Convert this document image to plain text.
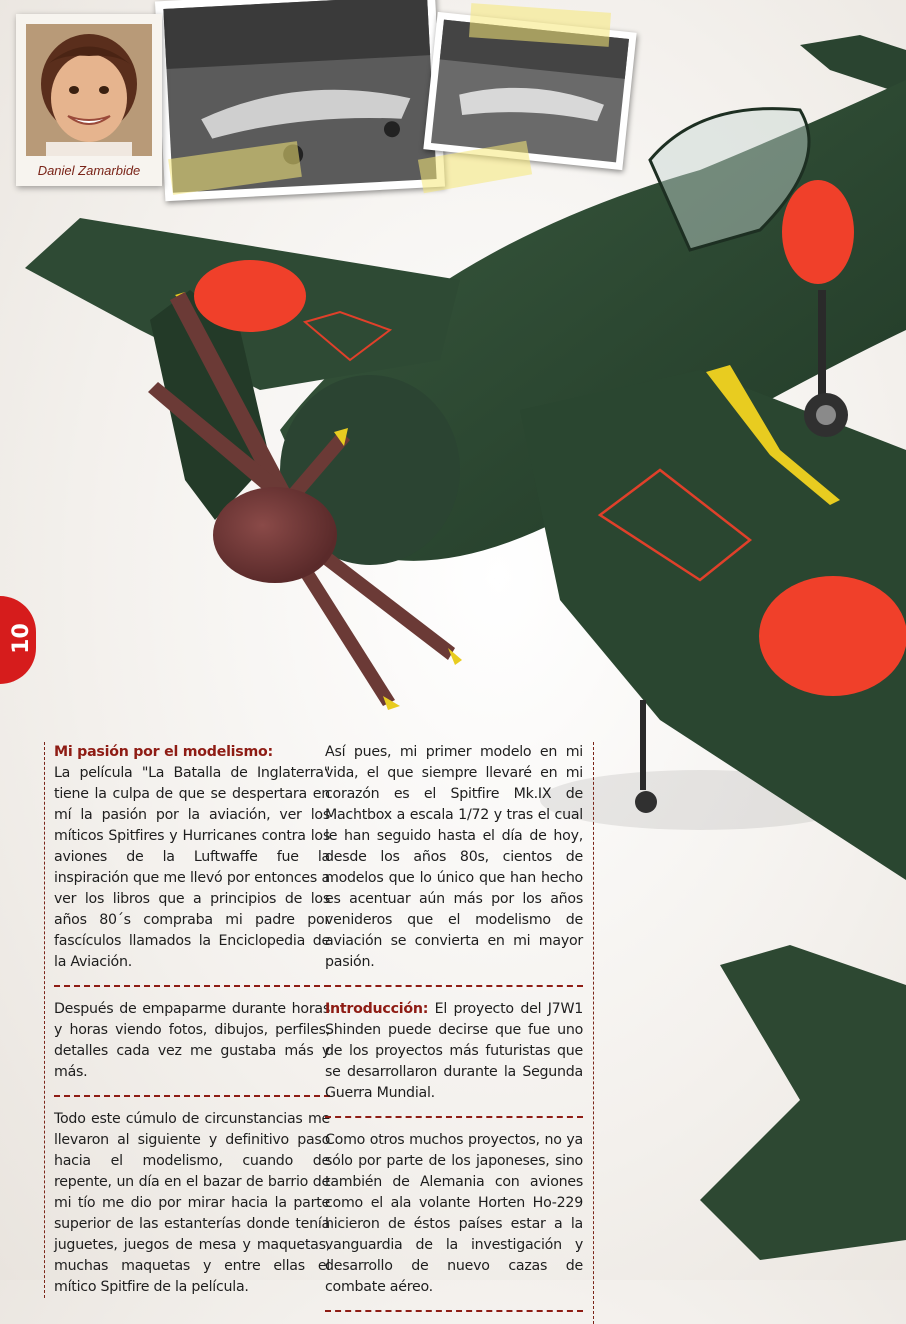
Daniel Zamarbide
10

Mi pasión por el modelismo:
La película "La Batalla de Inglaterra" tiene la culpa de que se despertara en mí la pasión por la aviación, ver los míticos Spitfires y Hurricanes contra los aviones de la Luftwaffe fue la inspiración que me llevó por entonces a ver los libros que a principios de los años 80´s compraba mi padre por fascículos llamados la Enciclopedia de la Aviación.

Después de empaparme durante horas y horas viendo fotos, dibujos, perfiles, detalles cada vez me gustaba más y más.

Todo este cúmulo de circunstancias me llevaron al siguiente y definitivo paso hacia el modelismo, cuando de repente, un día en el bazar de barrio de mi tío me dio por mirar hacia la parte superior de las estanterías donde tenía juguetes, juegos de mesa y maquetas, muchas maquetas y entre ellas el mítico Spitfire de la película.

Así pues, mi primer modelo en mi vida, el que siempre llevaré en mi corazón es el Spitfire Mk.IX de Machtbox a escala 1/72 y tras el cual le han seguido hasta el día de hoy, desde los años 80s, cientos de modelos que lo único que han hecho es acentuar aún más por los años venideros que el modelismo de aviación se convierta en mi mayor pasión.

Introducción: El proyecto del J7W1 Shinden puede decirse que fue uno de los proyectos más futuristas que se desarrollaron durante la Segunda Guerra Mundial.

Como otros muchos proyectos, no ya sólo por parte de los japoneses, sino también de Alemania con aviones como el ala volante Horten Ho-229 hicieron de éstos países estar a la vanguardia de la investigación y desarrollo de nuevo cazas de combate aéreo.
